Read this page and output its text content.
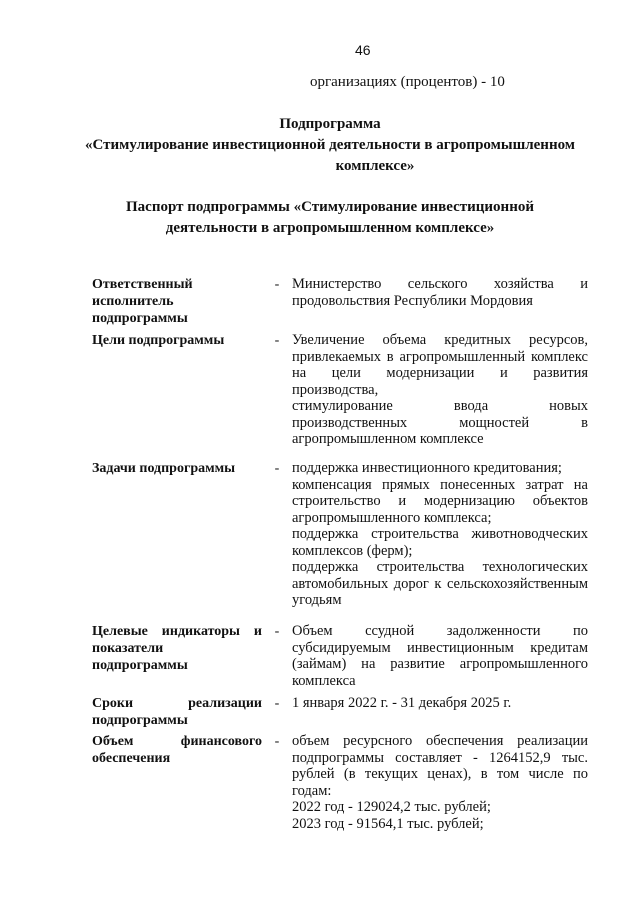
46
организациях (процентов) - 10
Подпрограмма
«Стимулирование инвестиционной деятельности в агропромышленном
комплексе»
Паспорт подпрограммы «Стимулирование инвестиционной
деятельности в агропромышленном комплексе»
Ответственный исполнитель подпрограммы
- Министерство сельского хозяйства и продовольствия Республики Мордовия
Цели подпрограммы	- Увеличение объема кредитных ресурсов, привлекаемых в агропромышленный комплекс на цели модернизации и развития производства,
стимулирование ввода новых производственных мощностей в агропромышленном комплексе
Задачи подпрограммы	- поддержка инвестиционного кредитования;
компенсация прямых понесенных затрат на строительство и модернизацию объектов агропромышленного комплекса;
поддержка строительства животноводческих комплексов (ферм);
поддержка строительства технологических автомобильных дорог к сельскохозяйственным угодьям
Целевые индикаторы и показатели подпрограммы
- Объем ссудной задолженности по субсидируемым инвестиционным кредитам (займам) на развитие агропромышленного комплекса
Сроки реализации подпрограммы
- 1 января 2022 г. - 31 декабря 2025 г.
Объем финансового обеспечения
- объем ресурсного обеспечения реализации подпрограммы составляет - 1264152,9 тыс. рублей (в текущих ценах), в том числе по годам:
2022 год - 129024,2 тыс. рублей;
2023 год - 91564,1 тыс. рублей;
